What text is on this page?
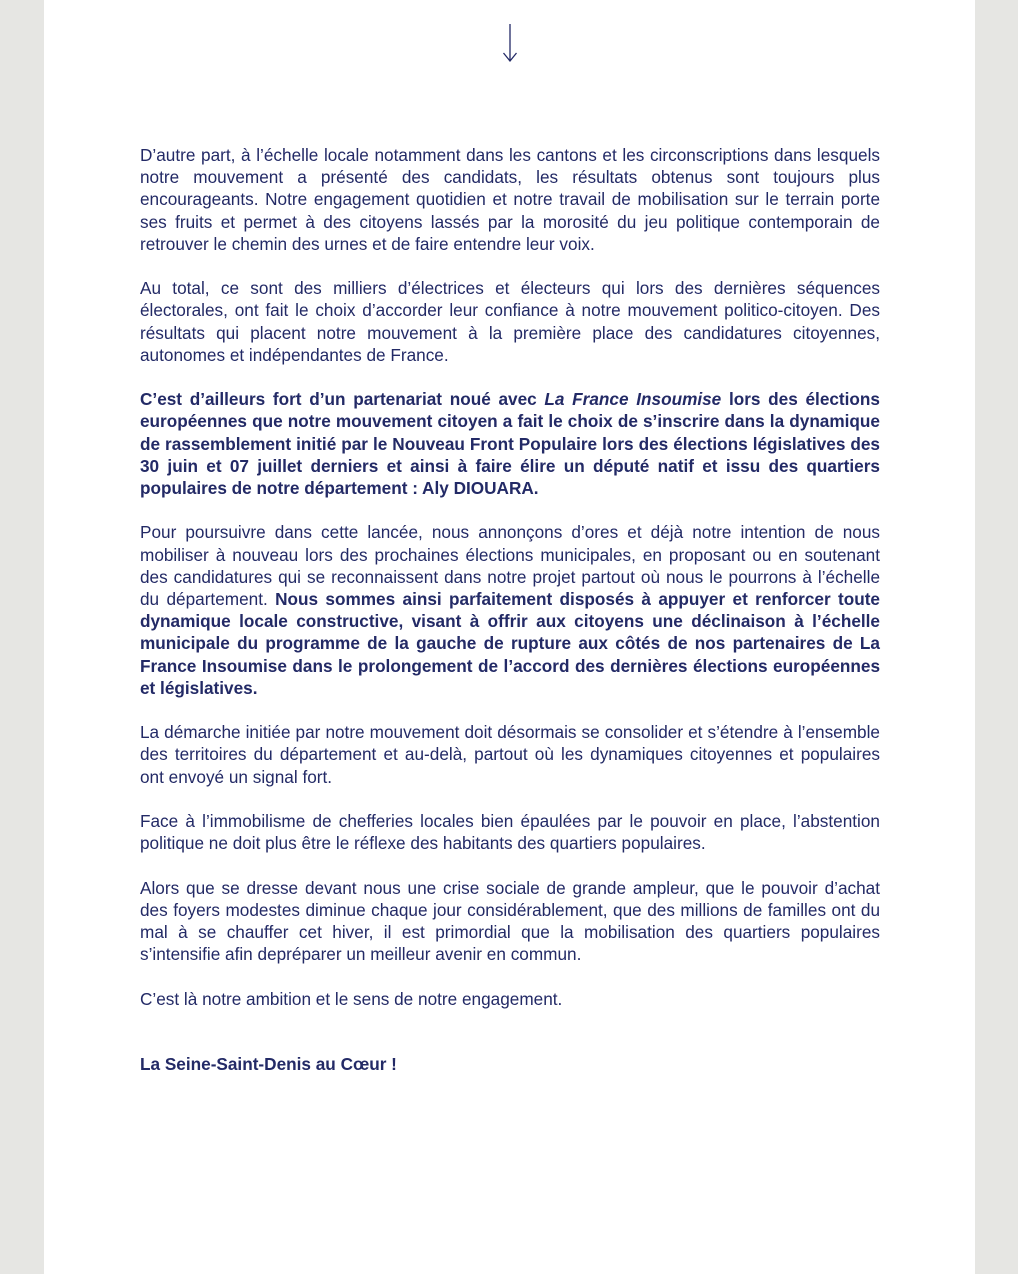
D’autre part, à l’échelle locale notamment dans les cantons et les circonscriptions dans lesquels notre mouvement a présenté des candidats, les résultats obtenus sont toujours plus encourageants. Notre engagement quotidien et notre travail de mobilisation sur le terrain porte ses fruits et permet à des citoyens lassés par la morosité du jeu politique contemporain de retrouver le chemin des urnes et de faire entendre leur voix.

Au total, ce sont des milliers d’électrices et électeurs qui lors des dernières séquences électorales, ont fait le choix d’accorder leur confiance à notre mouvement politico-citoyen. Des résultats qui placent notre mouvement à la première place des candidatures citoyennes, autonomes et indépendantes de France.

C’est d’ailleurs fort d’un partenariat noué avec La France Insoumise lors des élections européennes que notre mouvement citoyen a fait le choix de s’inscrire dans la dynamique de rassemblement initié par le Nouveau Front Populaire lors des élections législatives des 30 juin et 07 juillet derniers et ainsi à faire élire un député natif et issu des quartiers populaires de notre département : Aly DIOUARA.

Pour poursuivre dans cette lancée, nous annonçons d’ores et déjà notre intention de nous mobiliser à nouveau lors des prochaines élections municipales, en proposant ou en soutenant des candidatures qui se reconnaissent dans notre projet partout où nous le pourrons à l’échelle du département. Nous sommes ainsi parfaitement disposés à appuyer et renforcer toute dynamique locale constructive, visant à offrir aux citoyens une déclinaison à l’échelle municipale du programme de la gauche de rupture aux côtés de nos partenaires de La France Insoumise dans le prolongement de l’accord des dernières élections européennes et législatives.

La démarche initiée par notre mouvement doit désormais se consolider et s’étendre à l’ensemble des territoires du département et au-delà, partout où les dynamiques citoyennes et populaires ont envoyé un signal fort.

Face à l’immobilisme de chefferies locales bien épaulées par le pouvoir en place, l’abstention politique ne doit plus être le réflexe des habitants des quartiers populaires.

Alors que se dresse devant nous une crise sociale de grande ampleur, que le pouvoir d’achat des foyers modestes diminue chaque jour considérablement, que des millions de familles ont du mal à se chauffer cet hiver, il est primordial que la mobilisation des quartiers populaires s’intensifie afin depréparer un meilleur avenir en commun.

C’est là notre ambition et le sens de notre engagement.

La Seine-Saint-Denis au Cœur !
